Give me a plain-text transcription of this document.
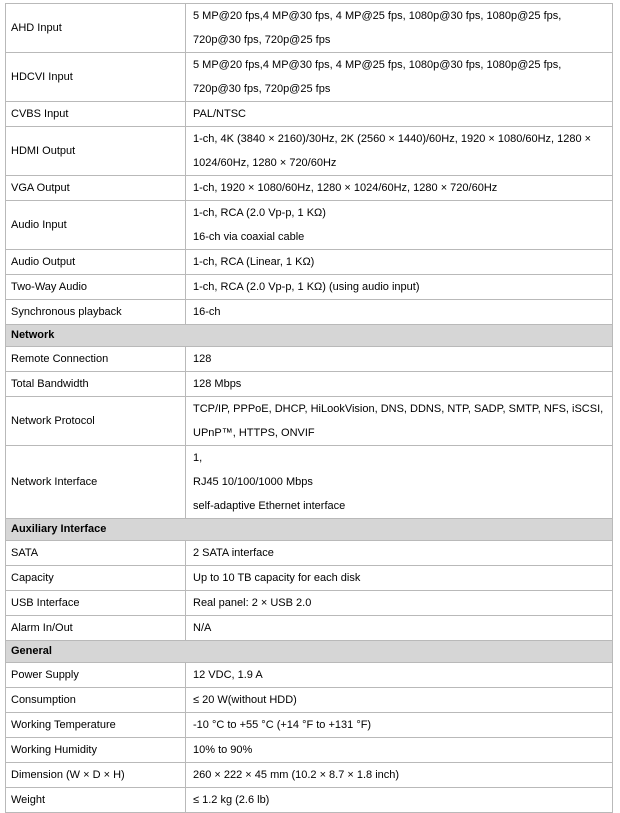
AHD Input	5 MP@20 fps,4 MP@30 fps, 4 MP@25 fps, 1080p@30 fps, 1080p@25 fps, 720p@30 fps, 720p@25 fps

HDCVI Input	5 MP@20 fps,4 MP@30 fps, 4 MP@25 fps, 1080p@30 fps, 1080p@25 fps, 720p@30 fps, 720p@25 fps

CVBS Input	PAL/NTSC

HDMI Output	1-ch, 4K (3840 × 2160)/30Hz, 2K (2560 × 1440)/60Hz, 1920 × 1080/60Hz, 1280 × 1024/60Hz, 1280 × 720/60Hz

VGA Output	1-ch, 1920 × 1080/60Hz, 1280 × 1024/60Hz, 1280 × 720/60Hz

Audio Input	1-ch, RCA (2.0 Vp-p, 1 KΩ)
16-ch via coaxial cable

Audio Output	1-ch, RCA (Linear, 1 KΩ)

Two-Way Audio	1-ch, RCA (2.0 Vp-p, 1 KΩ) (using audio input)

Synchronous playback	16-ch

Network	
Remote Connection	128

Total Bandwidth	128 Mbps

Network Protocol	TCP/IP, PPPoE, DHCP, HiLookVision, DNS, DDNS, NTP, SADP, SMTP, NFS, iSCSI, UPnP™, HTTPS, ONVIF

Network Interface	1,
RJ45 10/100/1000 Mbps
self-adaptive Ethernet interface

Auxiliary Interface	
SATA	2 SATA interface

Capacity	Up to 10 TB capacity for each disk

USB Interface	Real panel: 2 × USB 2.0

Alarm In/Out	N/A

General	
Power Supply	12 VDC, 1.9 A

Consumption	≤ 20 W(without HDD)

Working Temperature	-10 °C to +55 °C (+14 °F to +131 °F)

Working Humidity	10% to 90%

Dimension (W × D × H)	260 × 222 × 45 mm (10.2 × 8.7 × 1.8 inch)

Weight	≤ 1.2 kg (2.6 lb)
